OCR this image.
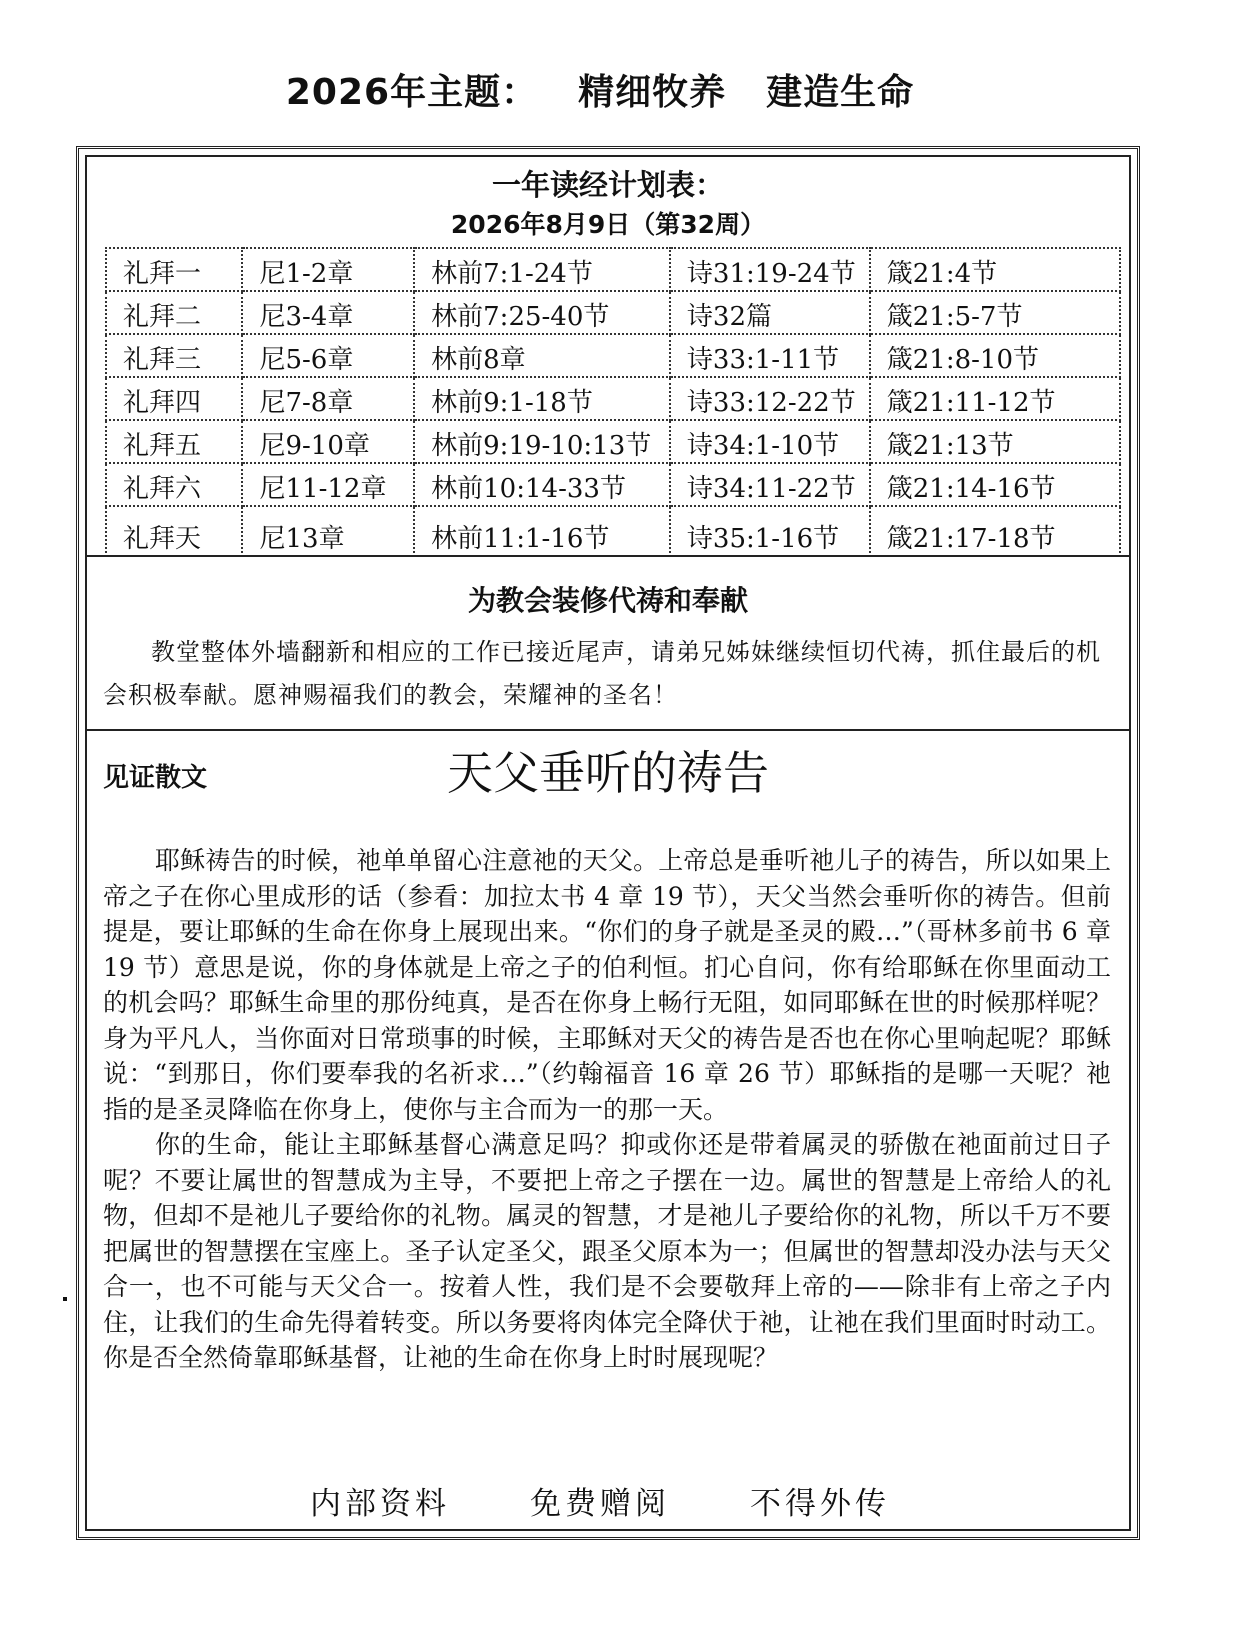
2026年主题： 精细牧养 建造生命
一年读经计划表：
2026年8月9日（第32周）
礼拜一	尼1-2章	林前7:1-24节	诗31:19-24节	箴21:4节
礼拜二	尼3-4章	林前7:25-40节	诗32篇	箴21:5-7节
礼拜三	尼5-6章	林前8章	诗33:1-11节	箴21:8-10节
礼拜四	尼7-8章	林前9:1-18节	诗33:12-22节	箴21:11-12节
礼拜五	尼9-10章	林前9:19-10:13节	诗34:1-10节	箴21:13节
礼拜六	尼11-12章	林前10:14-33节	诗34:11-22节	箴21:14-16节
礼拜天	尼13章	林前11:1-16节	诗35:1-16节	箴21:17-18节
为教会装修代祷和奉献
教堂整体外墙翻新和相应的工作已接近尾声，请弟兄姊妹继续恒切代祷，抓住最后的机会积极奉献。愿神赐福我们的教会，荣耀神的圣名！
见证散文	天父垂听的祷告

耶稣祷告的时候，祂单单留心注意祂的天父。上帝总是垂听祂儿子的祷告，所以如果上帝之子在你心里成形的话（参看：加拉太书 4 章 19 节），天父当然会垂听你的祷告。但前提是，要让耶稣的生命在你身上展现出来。“你们的身子就是圣灵的殿…”（哥林多前书 6 章 19 节）意思是说，你的身体就是上帝之子的伯利恒。扪心自问，你有给耶稣在你里面动工的机会吗？耶稣生命里的那份纯真，是否在你身上畅行无阻，如同耶稣在世的时候那样呢？身为平凡人，当你面对日常琐事的时候，主耶稣对天父的祷告是否也在你心里响起呢？耶稣说：“到那日，你们要奉我的名祈求…”（约翰福音 16 章 26 节）耶稣指的是哪一天呢？祂指的是圣灵降临在你身上，使你与主合而为一的那一天。

你的生命，能让主耶稣基督心满意足吗？抑或你还是带着属灵的骄傲在祂面前过日子呢？不要让属世的智慧成为主导，不要把上帝之子摆在一边。属世的智慧是上帝给人的礼物，但却不是祂儿子要给你的礼物。属灵的智慧，才是祂儿子要给你的礼物，所以千万不要把属世的智慧摆在宝座上。圣子认定圣父，跟圣父原本为一；但属世的智慧却没办法与天父合一，也不可能与天父合一。按着人性，我们是不会要敬拜上帝的——除非有上帝之子内住，让我们的生命先得着转变。所以务要将肉体完全降伏于祂，让祂在我们里面时时动工。你是否全然倚靠耶稣基督，让祂的生命在你身上时时展现呢？

内部资料	免费赠阅	不得外传
